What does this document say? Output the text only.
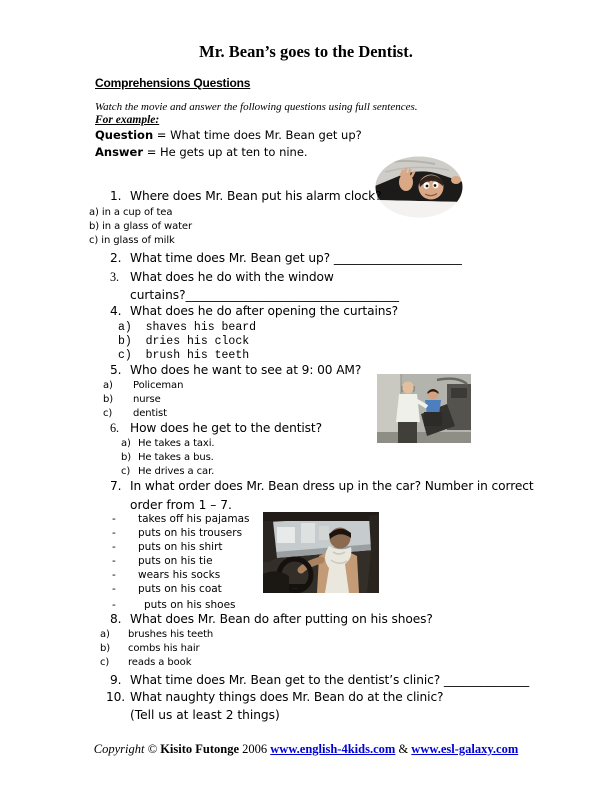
Mr. Bean’s goes to the Dentist.
Comprehensions Questions
Watch the movie and answer the following questions using full sentences.
For example:
Question = What time does Mr. Bean get up?
Answer = He gets up at ten to nine.
1. Where does Mr. Bean put his alarm clock?
a) in a cup of tea
b) in a glass of water
c) in glass of milk
2. What time does Mr. Bean get up? _____________________
3. What does he do with the window
curtains?___________________________________
4. What does he do after opening the curtains?
a)  shaves his beard
b)  dries his clock
c)  brush his teeth
5. Who does he want to see at 9: 00 AM?
a) Policeman
b) nurse
c) dentist
6. How does he get to the dentist?
a) He takes a taxi.
b) He takes a bus.
c) He drives a car.
7. In what order does Mr. Bean dress up in the car? Number in correct
order from 1 – 7.
- takes off his pajamas
- puts on his trousers
- puts on his shirt
- puts on his tie
- wears his socks
- puts on his coat
-	puts on his shoes
8. What does Mr. Bean do after putting on his shoes?
a) brushes his teeth
b) combs his hair
c) reads a book
9. What time does Mr. Bean get to the dentist’s clinic? ______________
10. What naughty things does Mr. Bean do at the clinic?
(Tell us at least 2 things)
Copyright © Kisito Futonge 2006 www.english-4kids.com & www.esl-galaxy.com
